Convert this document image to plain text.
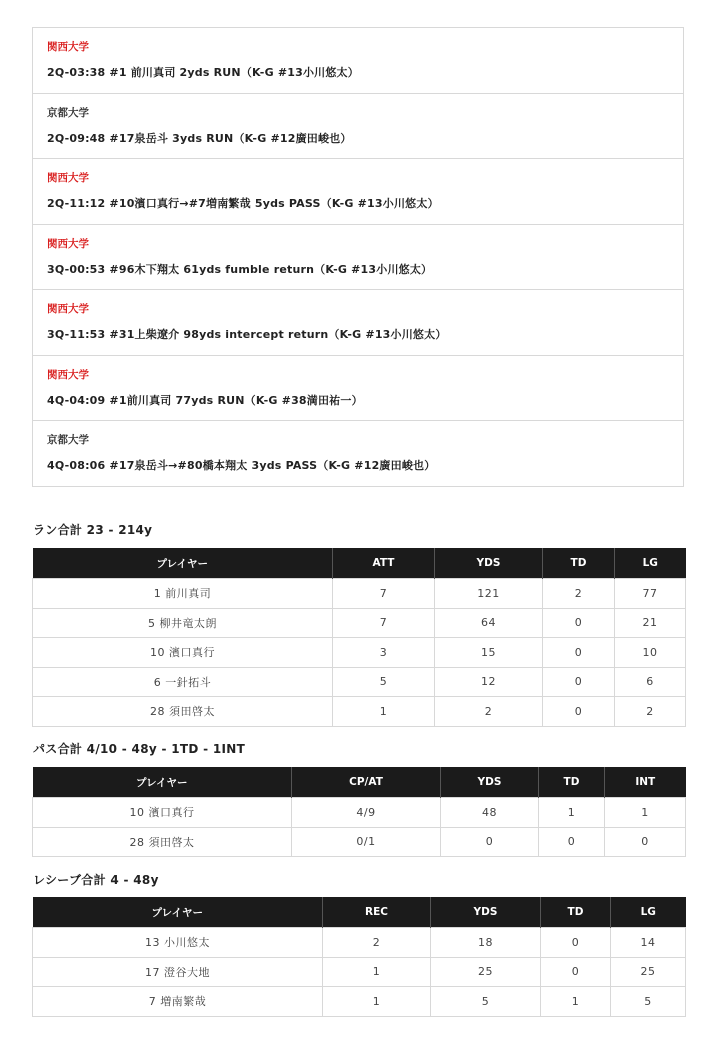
関西大学
2Q-03:38 #1 前川真司 2yds RUN（K-G #13小川悠太）
京都大学
2Q-09:48 #17泉岳斗 3yds RUN（K-G #12廣田峻也）
関西大学
2Q-11:12 #10濱口真行→#7増南繁哉 5yds PASS（K-G #13小川悠太）
関西大学
3Q-00:53 #96木下翔太 61yds fumble return（K-G #13小川悠太）
関西大学
3Q-11:53 #31上柴遼介 98yds intercept return（K-G #13小川悠太）
関西大学
4Q-04:09 #1前川真司 77yds RUN（K-G #38満田祐一）
京都大学
4Q-08:06 #17泉岳斗→#80橋本翔太 3yds PASS（K-G #12廣田峻也）
ラン合計 23 - 214y
プレイヤー	ATT	YDS	TD	LG
1 前川真司	7	121	2	77
5 柳井竜太朗	7	64	0	21
10 濱口真行	3	15	0	10
6 一針拓斗	5	12	0	6
28 須田啓太	1	2	0	2
パス合計 4/10 - 48y - 1TD - 1INT
プレイヤー	CP/AT	YDS	TD	INT
10 濱口真行	4/9	48	1	1
28 須田啓太	0/1	0	0	0
レシーブ合計 4 - 48y
プレイヤー	REC	YDS	TD	LG
13 小川悠太	2	18	0	14
17 澄谷大地	1	25	0	25
7 増南繁哉	1	5	1	5
